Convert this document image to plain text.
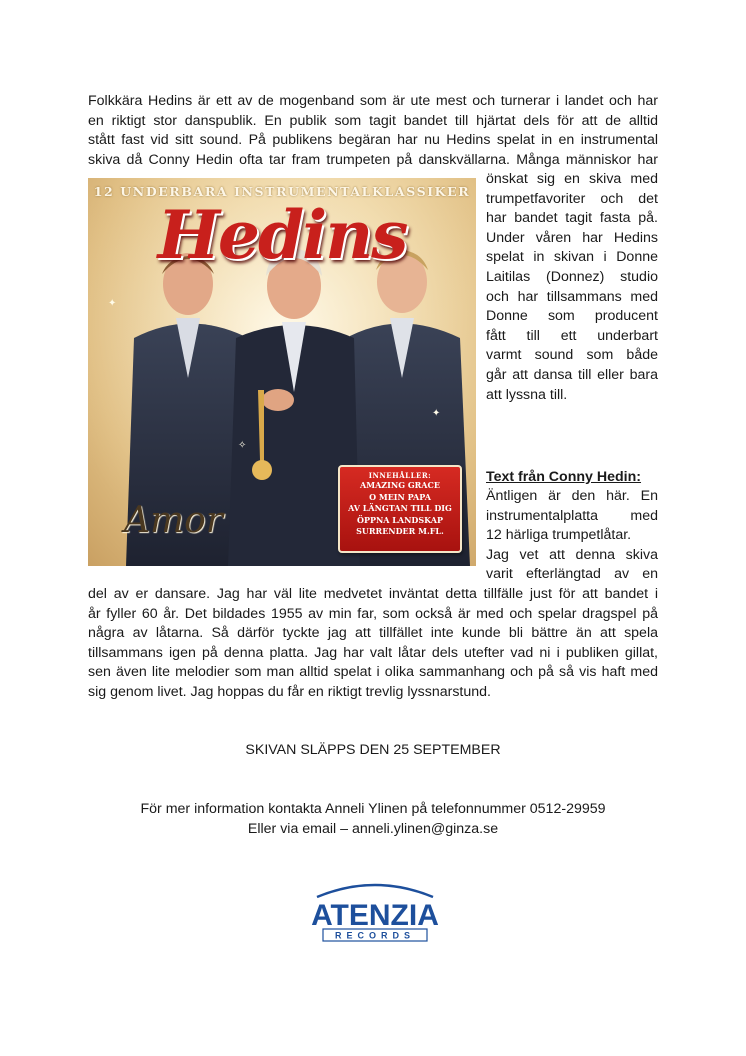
Folkkära Hedins är ett av de mogenband som är ute mest och turnerar i landet och har
en riktigt stor danspublik. En publik som tagit bandet till hjärtat dels för att de alltid
stått fast vid sitt sound. På publikens begäran har nu Hedins spelat in en instrumental
skiva då Conny Hedin ofta tar fram trumpeten på danskvällarna. Många människor har
✦
✦
✧
12 UNDERBARA INSTRUMENTALKLASSIKER
Hedins
Amor
INNEHÅLLER:
AMAZING GRACE
O MEIN PAPA
AV LÄNGTAN TILL DIG
ÖPPNA LANDSKAP
SURRENDER M.FL.
önskat sig en skiva med
trumpetfavoriter och det
har bandet tagit fasta på.
Under våren har Hedins
spelat in skivan i Donne
Laitilas (Donnez) studio
och har tillsammans med
Donne som producent
fått till ett underbart
varmt sound som både
går att dansa till eller bara
att lyssna till.
Text från Conny Hedin:
Äntligen är den här. En
instrumentalplatta med
12 härliga trumpetlåtar.
Jag vet att denna skiva
varit efterlängtad av en
del av er dansare. Jag har väl lite medvetet inväntat detta tillfälle just för att bandet i
år fyller 60 år. Det bildades 1955 av min far, som också är med och spelar dragspel på
några av låtarna. Så därför tyckte jag att tillfället inte kunde bli bättre än att spela
tillsammans igen på denna platta. Jag har valt låtar dels utefter vad ni i publiken gillat,
sen även lite melodier som man alltid spelat i olika sammanhang och på så vis haft med
sig genom livet. Jag hoppas du får en riktigt trevlig lyssnarstund.
SKIVAN SLÄPPS DEN 25 SEPTEMBER
För mer information kontakta Anneli Ylinen på telefonnummer 0512-29959
Eller via email – anneli.ylinen@ginza.se
ATENZIA
RECORDS
